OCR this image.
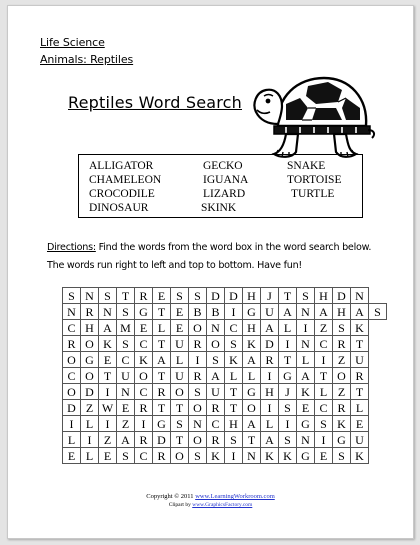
Life Science
Animals: Reptiles
Reptiles Word Search
ALLIGATOR	GECKO	SNAKE
CHAMELEON	IGUANA	TORTOISE
CROCODILE	LIZARD	TURTLE
DINOSAUR	SKINK
Directions: Find the words from the word box in the word search below.
The words run right to left and top to bottom. Have fun!
S	N	S	T	R	E	S	S	D	D	H	J	T	S	H	D	N	
N	R	N	S	G	T	E	B	B	I	G	U	A	N	A	H	A	S
C	H	A	M	E	L	E	O	N	C	H	A	L	I	Z	S	K	
R	O	K	S	C	T	U	R	O	S	K	D	I	N	C	R	T	
O	G	E	C	K	A	L	I	S	K	A	R	T	L	I	Z	U	
C	O	T	U	O	T	U	R	A	L	L	I	G	A	T	O	R	
O	D	I	N	C	R	O	S	U	T	G	H	J	K	L	Z	T	
D	Z	W	E	R	T	T	O	R	T	O	I	S	E	C	R	L	
I	L	I	Z	I	G	S	N	C	H	A	L	I	G	S	K	E	
L	I	Z	A	R	D	T	O	R	S	T	A	S	N	I	G	U	
E	L	E	S	C	R	O	S	K	I	N	K	K	G	E	S	K	
Copyright © 2011 www.LearningWorkroom.com
Clipart by www.GraphicsFactory.com
